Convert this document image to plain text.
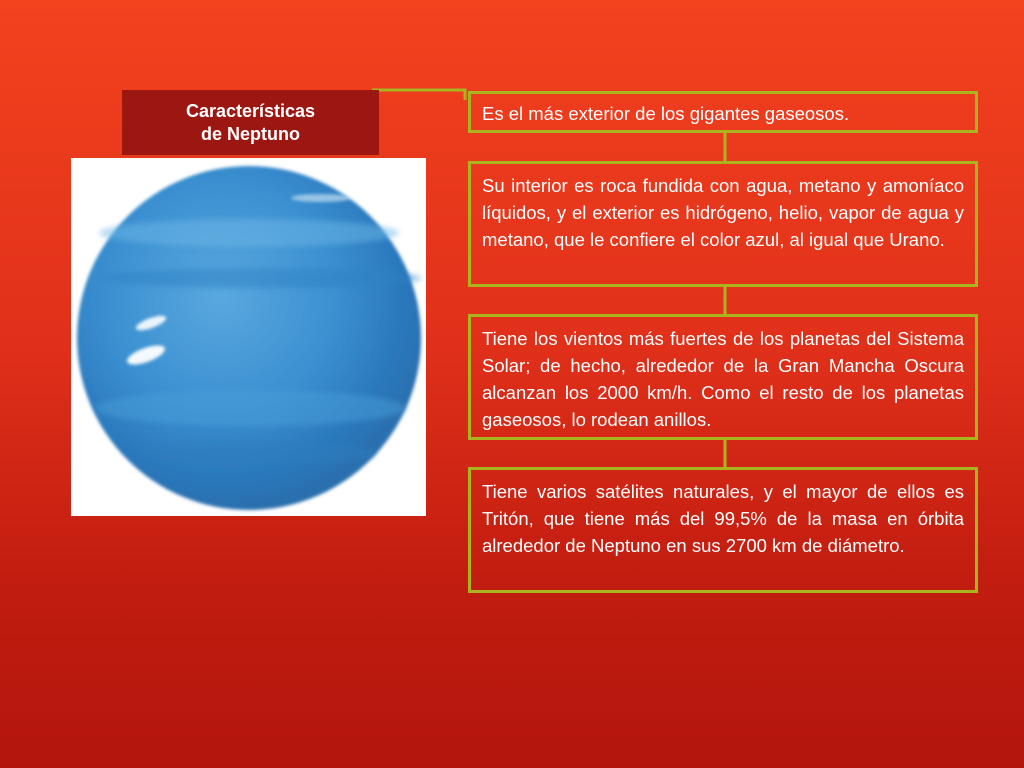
Características
de Neptuno
Es el más exterior de los gigantes gaseosos.
Su interior es roca fundida con agua, metano y amoníaco líquidos, y el exterior es hidrógeno, helio, vapor de agua y metano, que le confiere el color azul, al igual que Urano.
Tiene los vientos más fuertes de los planetas del Sistema Solar; de hecho, alrededor de la Gran Mancha Oscura alcanzan los 2000 km/h. Como el resto de los planetas gaseosos, lo rodean anillos.
Tiene varios satélites naturales, y el mayor de ellos es Tritón, que tiene más del 99,5% de la masa en órbita alrededor de Neptuno en sus 2700 km de diámetro.
